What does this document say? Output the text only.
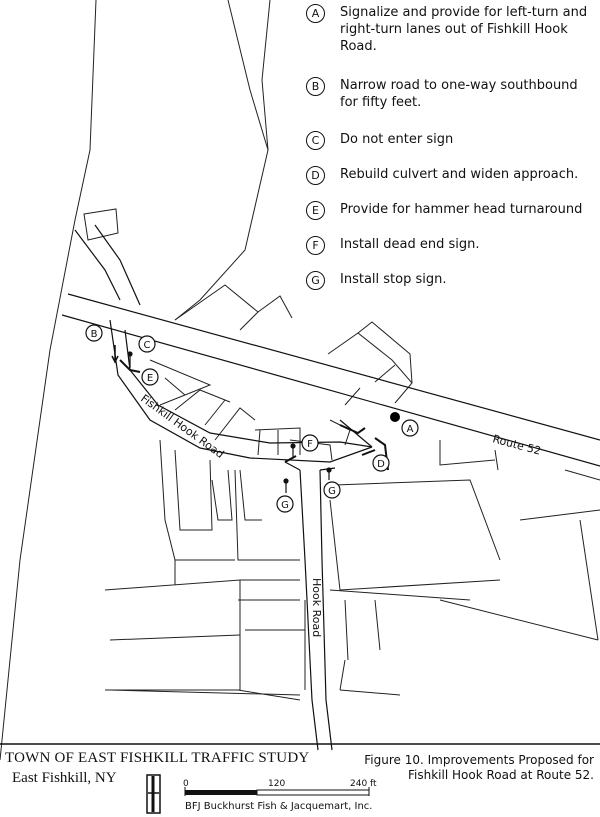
B
C
E
F
D
A
G
G
Route 52
Fishkill Hook Road
Hook Road
A	Signalize and provide for left-turn and right-turn lanes out of Fishkill Hook Road.
B	Narrow road to one-way southbound for fifty feet.
C	Do not enter sign
D	Rebuild culvert and widen approach.
E	Provide for hammer head turnaround
F	Install dead end sign.
G	Install stop sign.
TOWN OF EAST FISHKILL TRAFFIC STUDY
East Fishkill, NY
Figure 10. Improvements Proposed for
Fishkill Hook Road at Route 52.
0	120	240 ft
BFJ Buckhurst Fish & Jacquemart, Inc.
